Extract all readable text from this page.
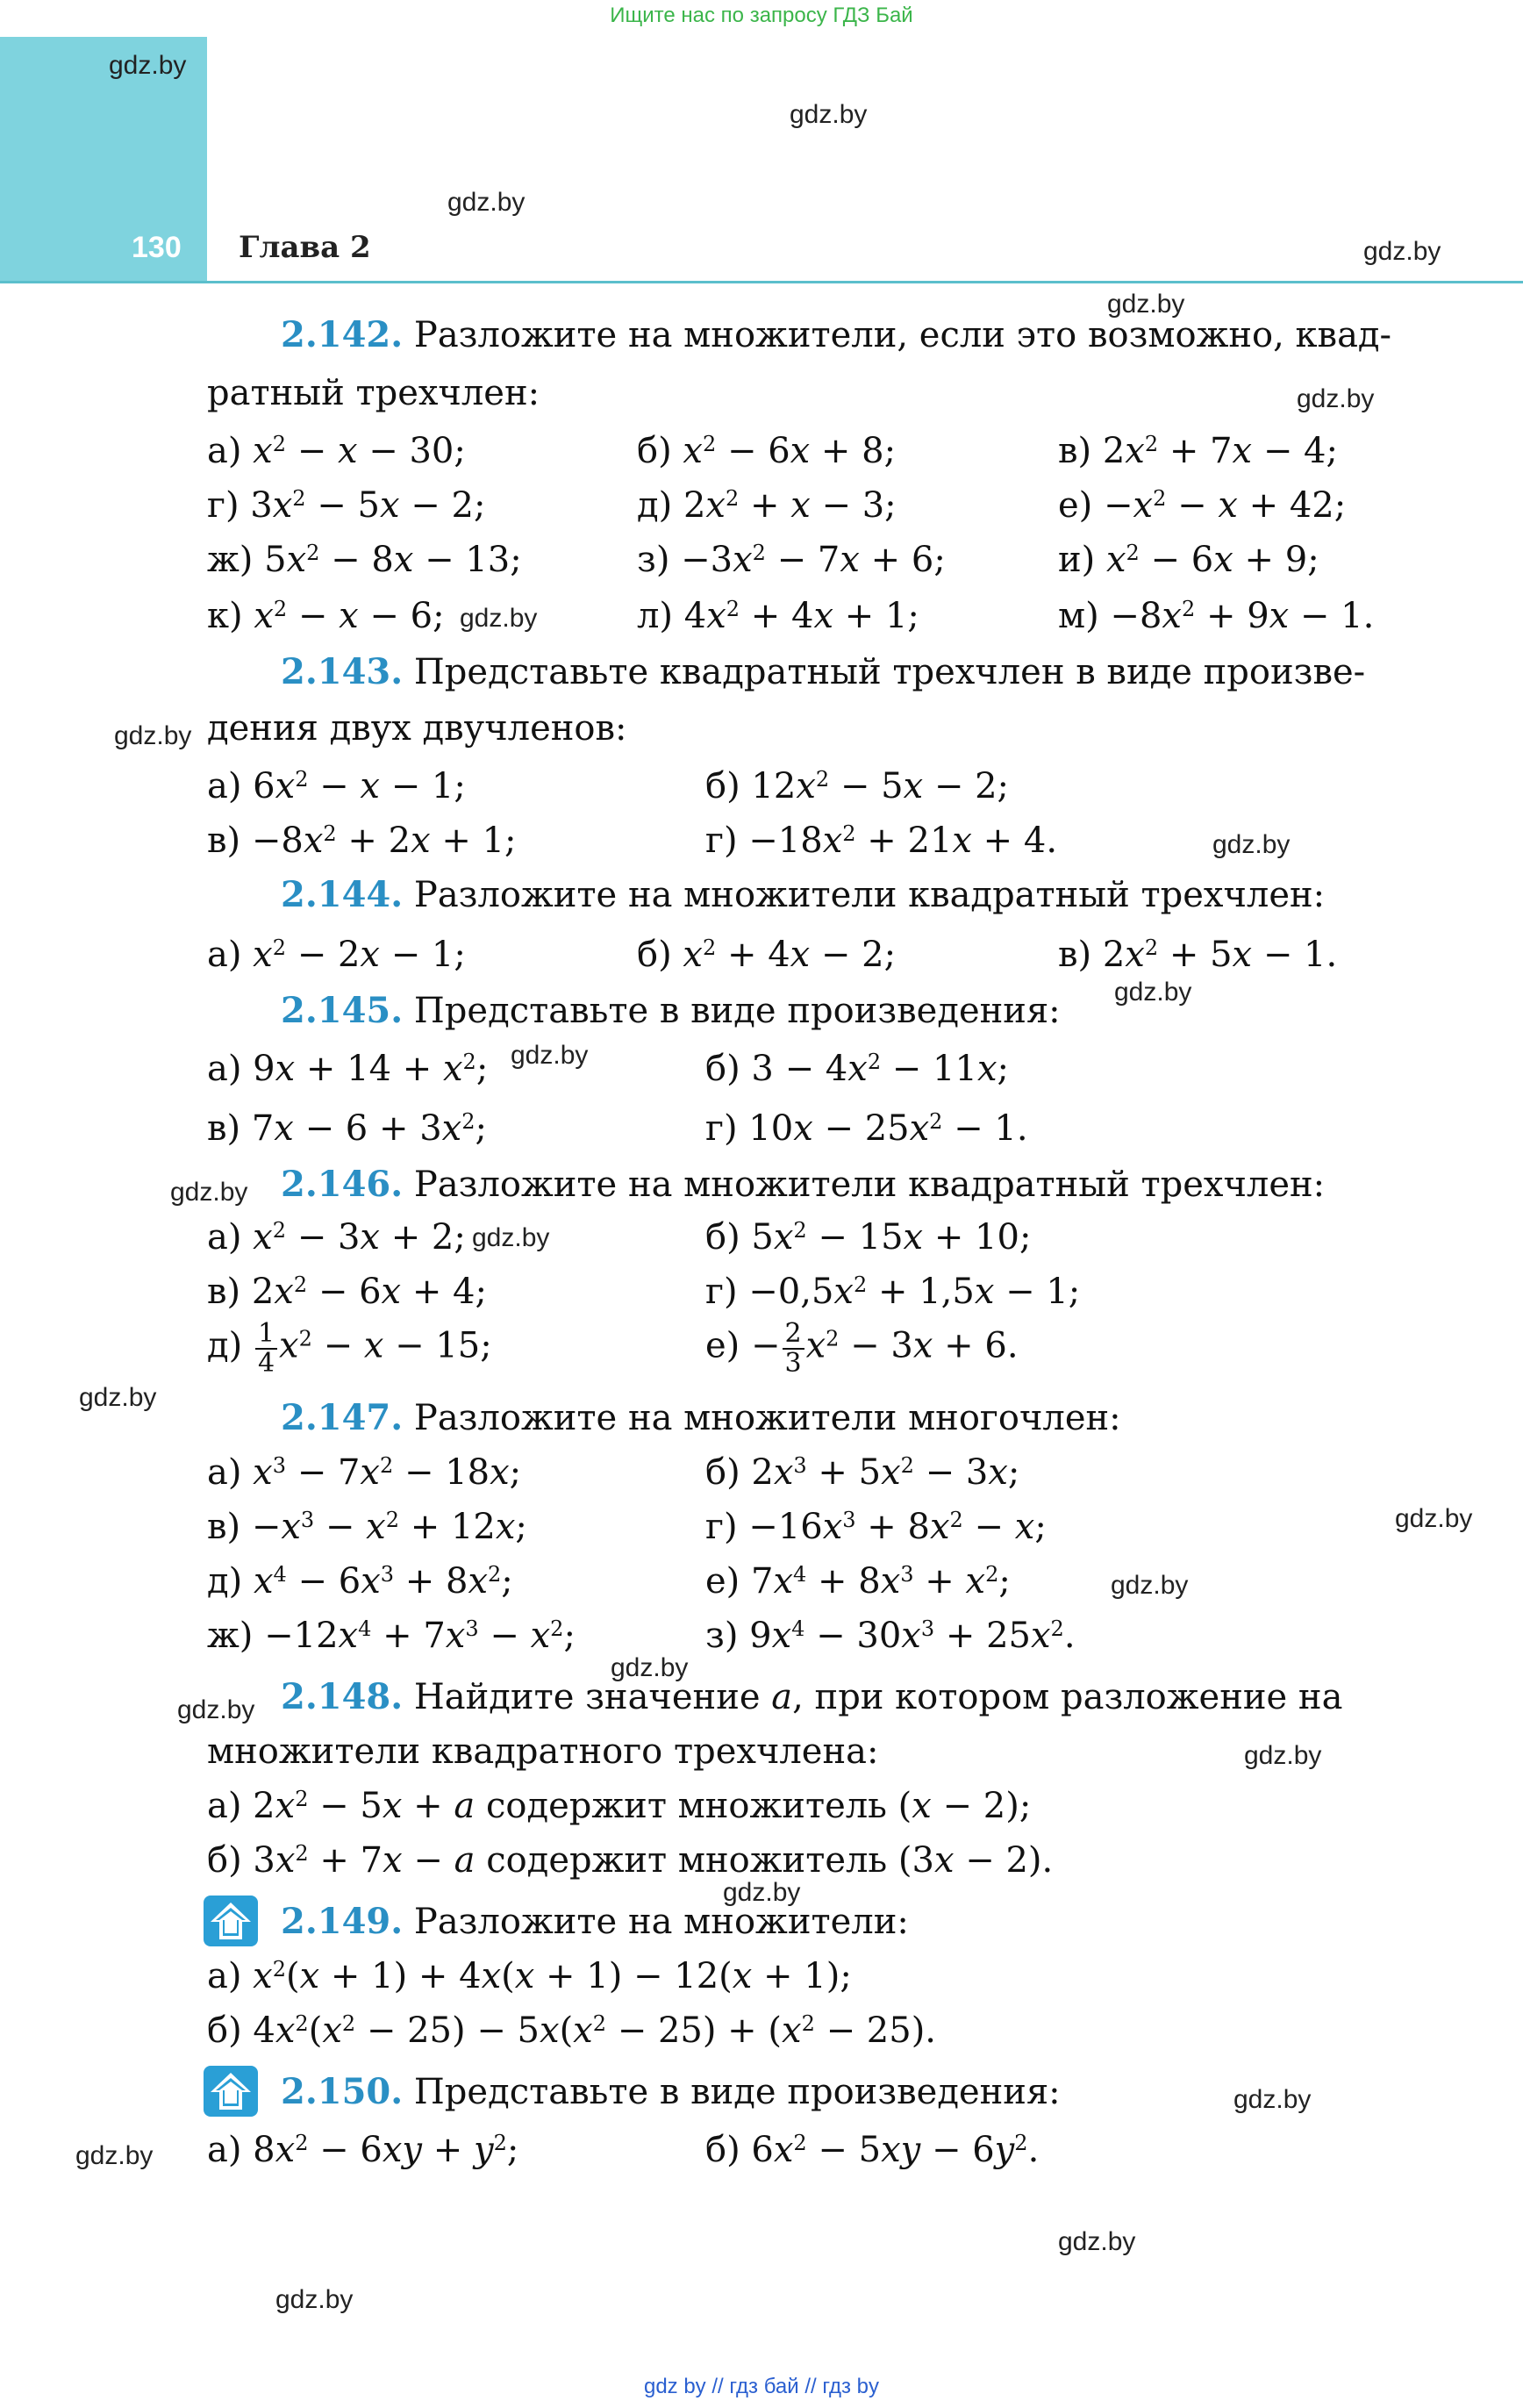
Ищите нас по запросу ГДЗ Бай
130 Глава 2
gdz.by
gdz.by
gdz.by
gdz.by
gdz.by
gdz.by
gdz.by
gdz.by
gdz.by
gdz.by
gdz.by
gdz.by
gdz.by
gdz.by
gdz.by
gdz.by
gdz.by
gdz.by
gdz.by
gdz.by
gdz.by
gdz.by
gdz.by
gdz.by
2.142. Разложите на множители, если это возможно, квад-
ратный трехчлен:
а) $x^2 - x - 30$;	б) $x^2 - 6x + 8$;	в) $2x^2 + 7x - 4$;
г) $3x^2 - 5x - 2$;	д) $2x^2 + x - 3$;	$е) -x^2 - x + 42$;
ж) $5x^2 - 8x - 13$;	$з) -3x^2 - 7x + 6$;	и) $x^2 - 6x + 9$;
к) $x^2 - x - 6$;	л) $4x^2 + 4x + 1$;	$м) -8x^2 + 9x - 1$.
2.143. Представьте квадратный трехчлен в виде произве-
дения двух двучленов:
а) $6x^2 - x - 1$;	б) $12x^2 - 5x - 2$;
$в) -8x^2 + 2x + 1$;	$г) -18x^2 + 21x + 4$.
2.144. Разложите на множители квадратный трехчлен:
а) $x^2 - 2x - 1$;	б) $x^2 + 4x - 2$;	в) $2x^2 + 5x - 1$.
2.145. Представьте в виде произведения:
а) $9x + 14 + x^2$;	б) $3 - 4x^2 - 11x$;
в) $7x - 6 + 3x^2$;	г) $10x - 25x^2 - 1$.
2.146. Разложите на множители квадратный трехчлен:
а) $x^2 - 3x + 2$;	б) $5x^2 - 15x + 10$;
в) $2x^2 - 6x + 4$;	$г) -0,5x^2 + 1,5x - 1$;
$д) \frac{1}{4} x^2 - x - 15$;	$е) - \frac{2}{3} x^2 - 3x + 6$.
2.147. Разложите на множители многочлен:
а) $x^3 - 7x^2 - 18x$;	б) $2x^3 + 5x^2 - 3x$;
$в) -x^3 - x^2 + 12x$;	$г) -16x^3 + 8x^2 - x$;
д) $x^4 - 6x^3 + 8x^2$;	е) $7x^4 + 8x^3 + x^2$;
$ж) -12x^4 + 7x^3 - x^2$;	з) $9x^4 - 30x^3 + 25x^2$.
2.148. Найдите значение a, при котором разложение на
множители квадратного трехчлена:
а) $2x^2 - 5x + a$ содержит множитель (x − 2);
б) $3x^2 + 7x - a$ содержит множитель (3x − 2).
2.149. Разложите на множители:
а) $x^2(x + 1) + 4x(x + 1) - 12(x + 1)$;
б) $4x^2(x^2 - 25) - 5x(x^2 - 25) + (x^2 - 25)$.
2.150. Представьте в виде произведения:
а) $8x^2 - 6xy + y^2$;	б) $6x^2 - 5xy - 6y^2$.
gdz by // гдз бай // гдз by
